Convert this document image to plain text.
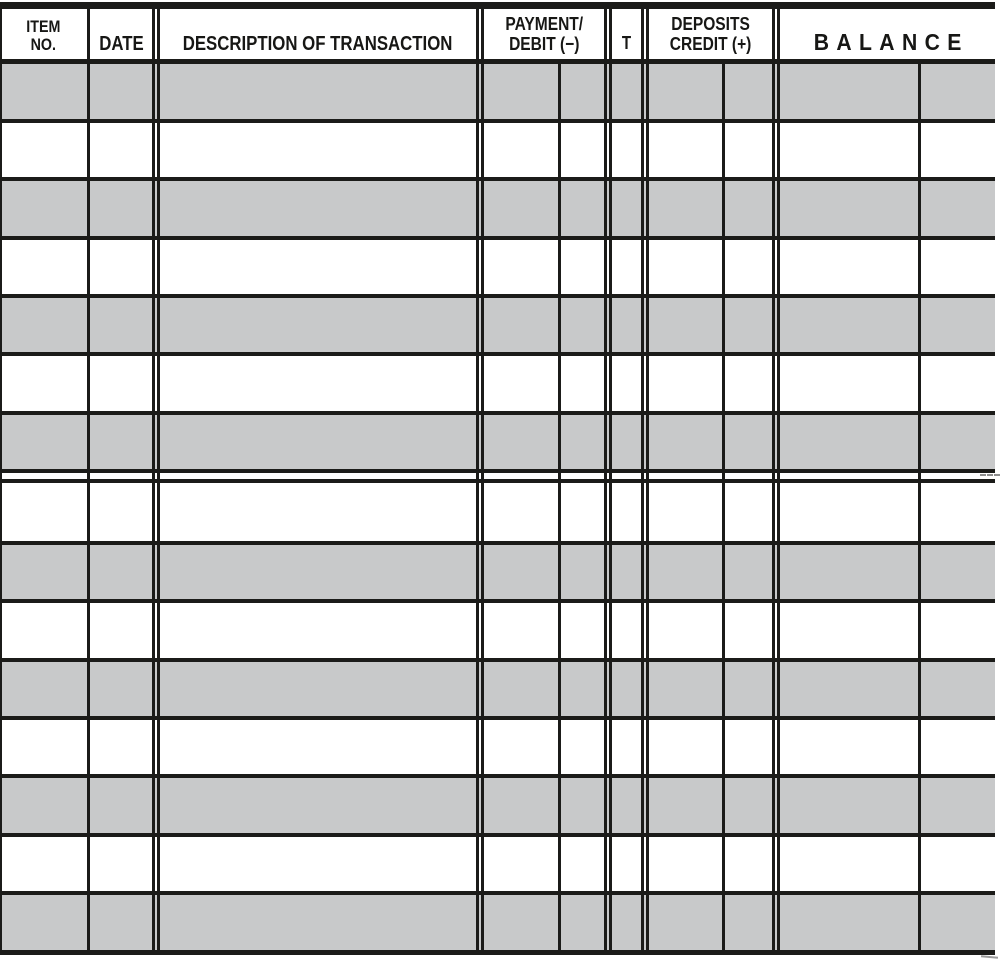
ITEM
NO. DATE DESCRIPTION OF TRANSACTION
PAYMENT/
DEBIT (−) T
DEPOSITS
CREDIT (+)	BALANCE
